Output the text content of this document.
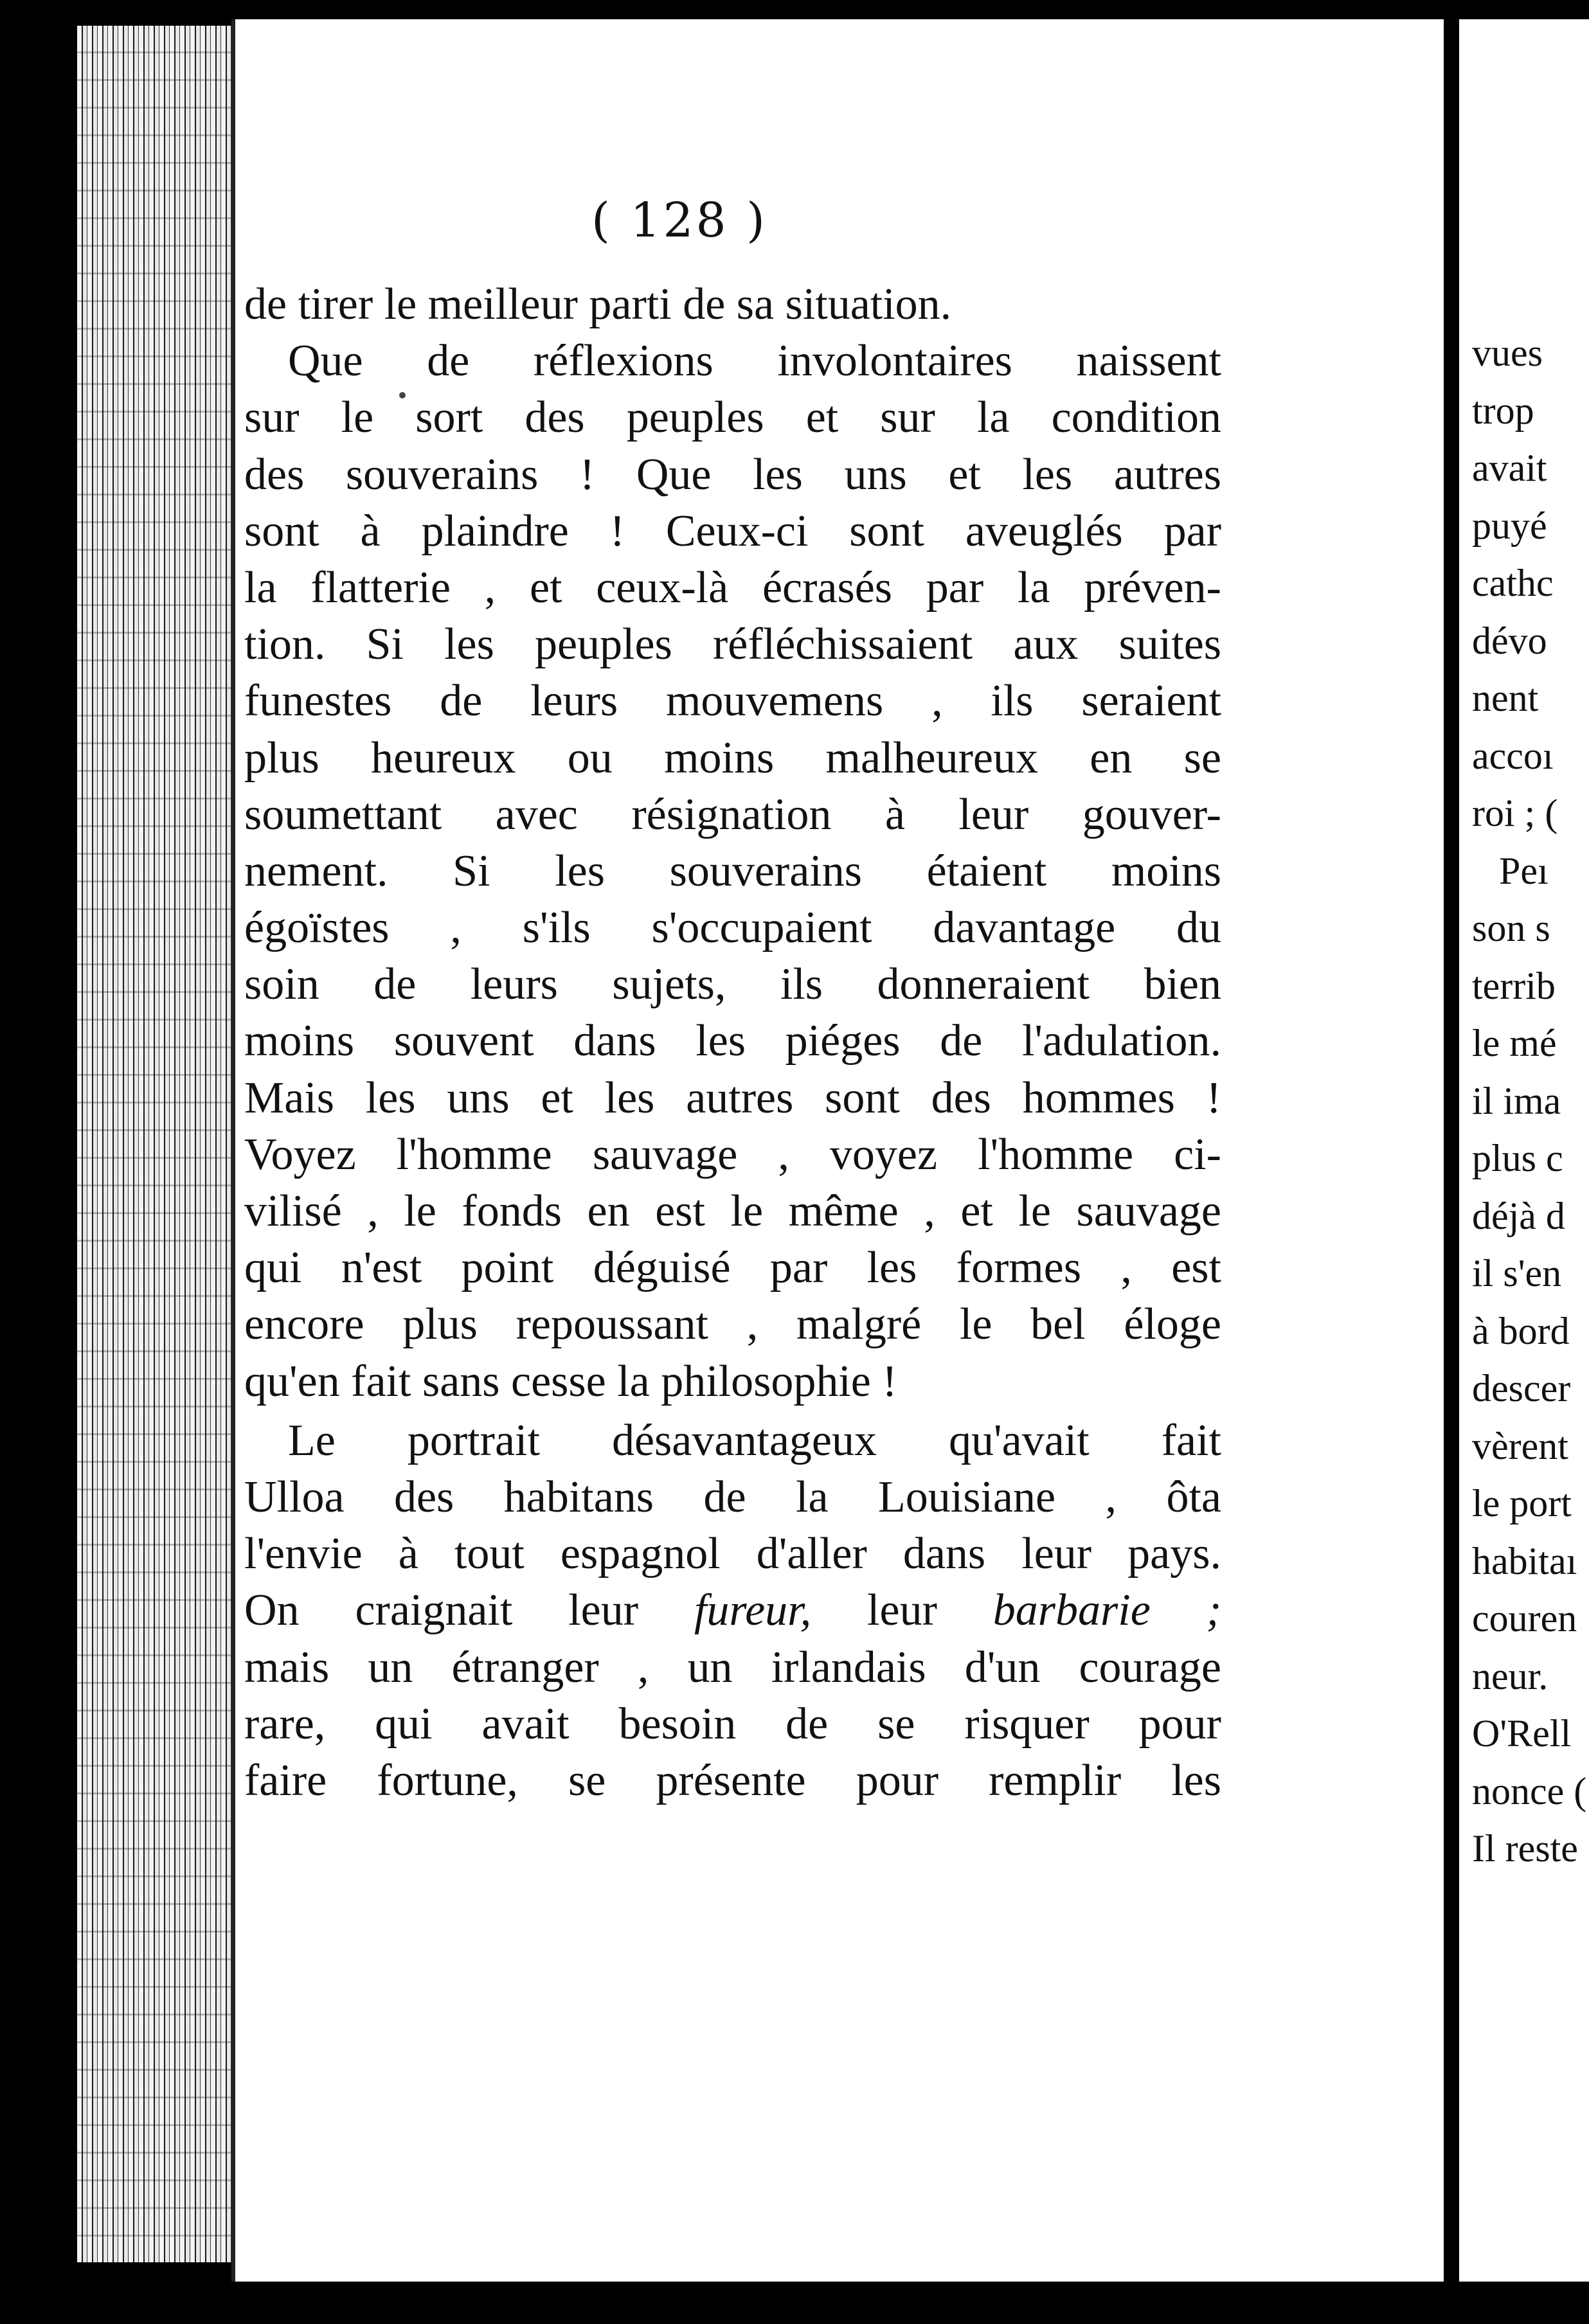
( 128 )
de tirer le meilleur parti de sa situation.
Que de réflexions involontaires naissent
sur le sort des peuples et sur la condition
des souverains ! Que les uns et les autres
sont à plaindre ! Ceux-ci sont aveuglés par
la flatterie , et ceux-là écrasés par la préven-
tion. Si les peuples réfléchissaient aux suites
funestes de leurs mouvemens , ils seraient
plus heureux ou moins malheureux en se
soumettant avec résignation à leur gouver-
nement. Si les souverains étaient moins
égoïstes , s'ils s'occupaient davantage du
soin de leurs sujets, ils donneraient bien
moins souvent dans les piéges de l'adulation.
Mais les uns et les autres sont des hommes !
Voyez l'homme sauvage , voyez l'homme ci-
vilisé , le fonds en est le même , et le sauvage
qui n'est point déguisé par les formes , est
encore plus repoussant , malgré le bel éloge
qu'en fait sans cesse la philosophie !
Le portrait désavantageux qu'avait fait
Ulloa des habitans de la Louisiane , ôta
l'envie à tout espagnol d'aller dans leur pays.
On craignait leur fureur, leur barbarie ;
mais un étranger , un irlandais d'un courage
rare, qui avait besoin de se risquer pour
faire fortune, se présente pour remplir les
vues
trop
avait
puyé
cathc
dévo
nent
accoı
roi ; (
Peı
son s
terrib
le mé
il ima
plus c
déjà d
il s'en
à bord
descer
vèrent
le port
habitaı
couren
neur.
O'Rell
nonce (
Il reste
